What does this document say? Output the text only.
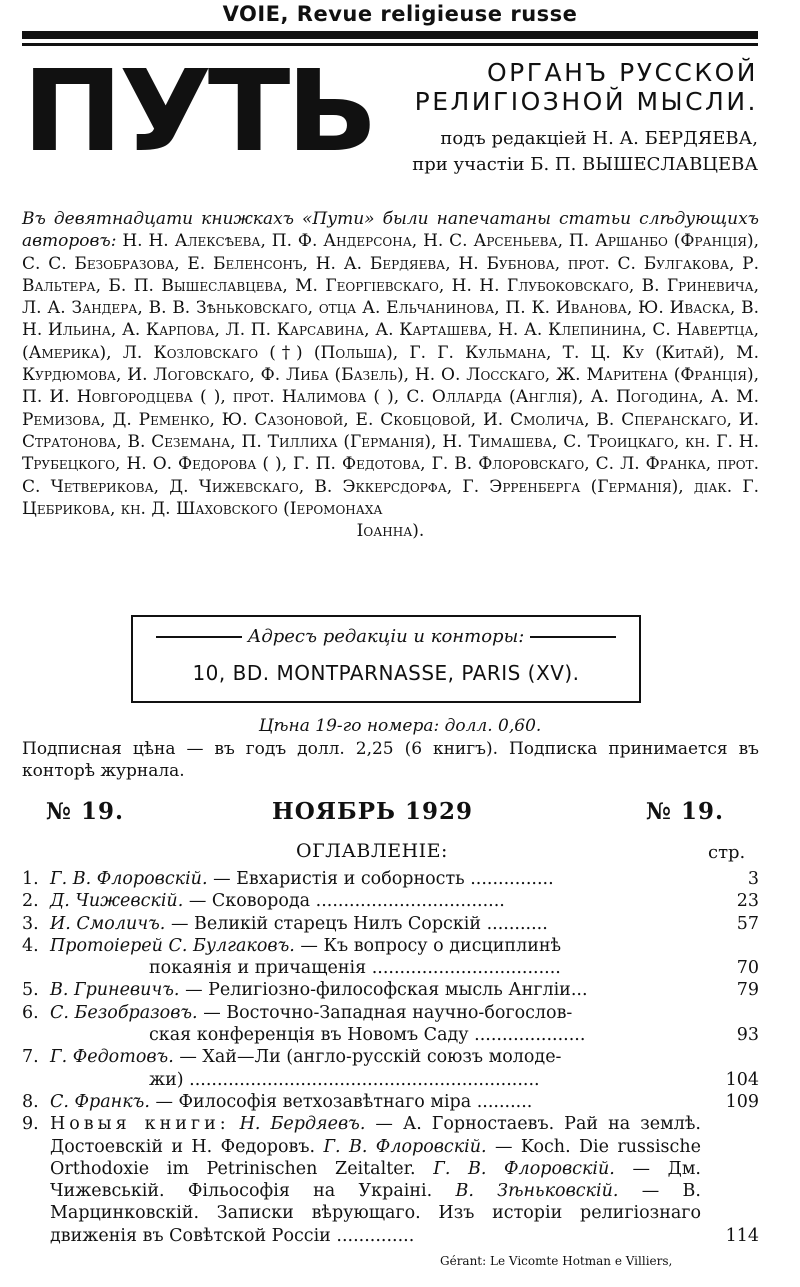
VOIE, Revue religieuse russe
ПУТЬ	ОРГАНЪ РУССКОЙ
РЕЛИГІОЗНОЙ МЫСЛИ.
подъ редакціей Н. А. БЕРДЯЕВА,
при участіи Б. П. ВЫШЕСЛАВЦЕВА
Въ девятнадцати книжкахъ «Пути» были напечатаны статьи слѣдующихъ авторовъ: Н. Н. Алексѣева, П. Ф. Андерсона, Н. С. Арсеньева, П. Аршанбо (Франція), С. С. Безобразова, Е. Беленсонъ, Н. А. Бердяева, Н. Бубнова, прот. С. Булгакова, Р. Вальтера, Б. П. Вышеславцева, М. Георгіевскаго, Н. Н. Глубоковскаго, В. Гриневича, Л. А. Зандера, В. В. Зѣньковскаго, отца А. Ельчанинова, П. К. Иванова, Ю. Иваска, В. Н. Ильина, А. Карпова, Л. П. Карсавина, А. Карташева, Н. А. Клепинина, С. Навертца, (Америка), Л. Козловскаго (†) (Польша), Г. Г. Кульмана, Т. Ц. Ку (Китай), М. Курдюмова, И. Логовскаго, Ф. Либа (Базель), Н. О. Лосскаго, Ж. Маритена (Франція), П. И. Новгородцева ( ), прот. Налимова ( ), С. Олларда (Англія), А. Погодина, А. М. Ремизова, Д. Ременко, Ю. Сазоновой, Е. Скобцовой, И. Смолича, В. Сперанскаго, И. Стратонова, В. Сеземана, П. Тиллиха (Германія), Н. Тимашева, С. Троицкаго, кн. Г. Н. Трубецкого, Н. О. Федорова ( ), Г. П. Федотова, Г. В. Флоровскаго, С. Л. Франка, прот. С. Четверикова, Д. Чижевскаго, В. Эккерсдорфа, Г. Эрренберга (Германія), діак. Г. Цебрикова, кн. Д. Шаховского (Іеромонаха
Іоанна).
Адресъ редакціи и конторы:
10, BD. MONTPARNASSE, PARIS (XV).
Цѣна 19-го номера: долл. 0,60.
Подписная цѣна — въ годъ долл. 2,25 (6 книгъ). Подписка принимается въ конторѣ журнала.
№ 19.	НОЯБРЬ 1929	№ 19.
ОГЛАВЛЕНІЕ:	стр.
1. Г. В. Флоровскій. — Евхаристія и соборность ...............	3
2. Д. Чижевскій. — Сковорода ..................................	23
3. И. Смоличъ. — Великій старецъ Нилъ Сорскій ...........	57
4. Протоіерей С. Булгаковъ. — Къ вопросу о дисциплинѣ
покаянія и причащенія ..................................	70
5. В. Гриневичъ. — Религіозно-философская мысль Англіи...	79
6. С. Безобразовъ. — Восточно-Западная научно-богослов-
ская конференція въ Новомъ Саду ....................	93
7. Г. Федотовъ. — Хай—Ли (англо-русскій союзъ молоде-
жи) ...............................................................	104
8. С. Франкъ. — Философія ветхозавѣтнаго міра ..........	109
9. Новыя книги: Н. Бердяевъ. — А. Горностаевъ. Рай на землѣ. Достоевскій и Н. Федоровъ. Г. В. Флоровскій. — Koch. Die russische Orthodoxie im Petrinischen Zeitalter. Г. В. Флоровскій. — Дм. Чижевській. Фільософія на Украіні. В. Зѣньковскій. — В. Марцинковскій. Записки вѣрующаго. Изъ исторіи религіознаго движенія въ Совѣтской Россіи ..............	114
Gérant: Le Vicomte Hotman e Villiers,
